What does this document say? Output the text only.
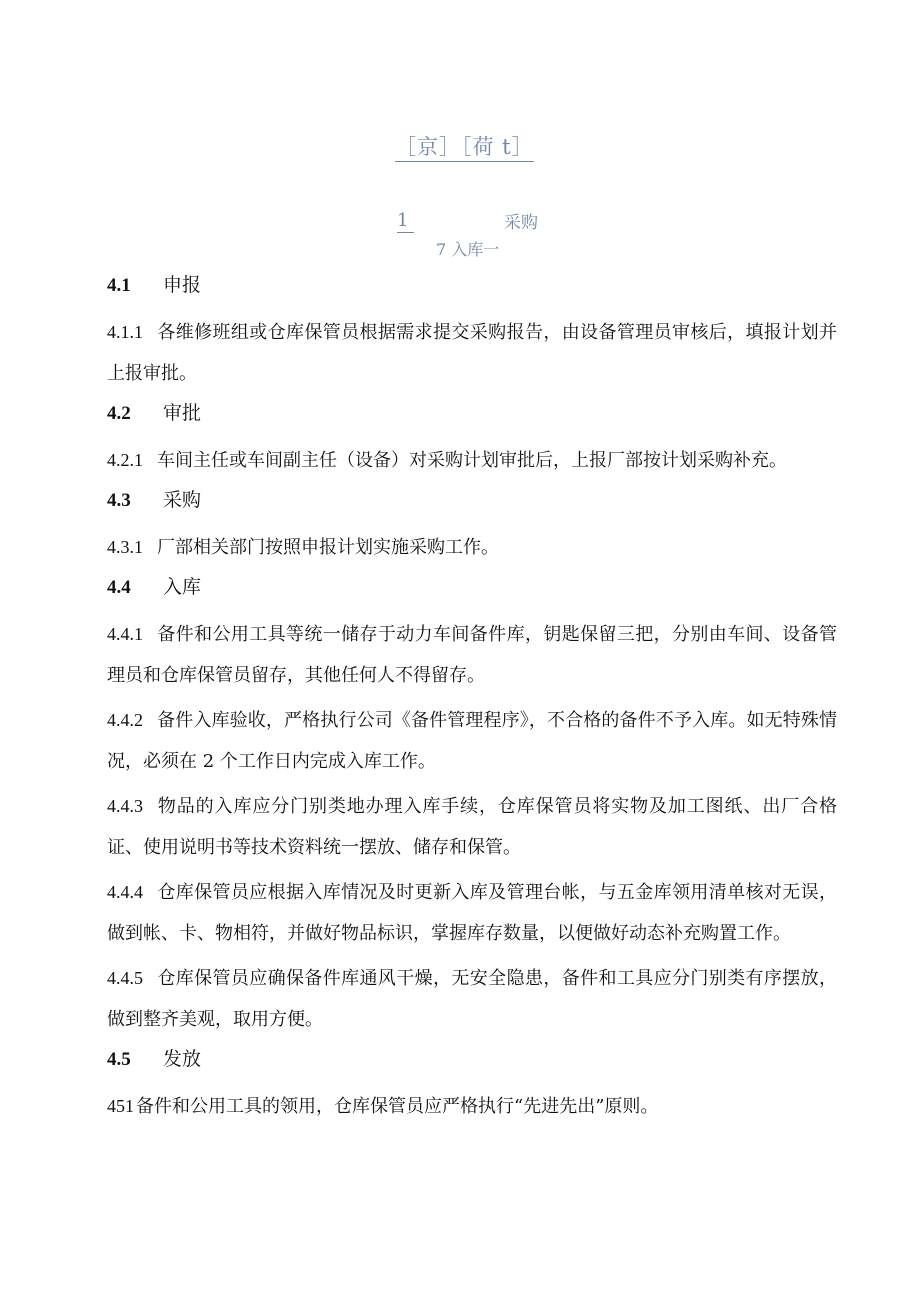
［京］［荷 t］
1	采购
7 入库一
4.1 申报
4.1.1 各维修班组或仓库保管员根据需求提交采购报告，由设备管理员审核后，填报计划并上报审批。
4.2 审批
4.2.1 车间主任或车间副主任（设备）对采购计划审批后，上报厂部按计划采购补充。
4.3 采购
4.3.1 厂部相关部门按照申报计划实施采购工作。
4.4 入库
4.4.1 备件和公用工具等统一储存于动力车间备件库，钥匙保留三把，分别由车间、设备管理员和仓库保管员留存，其他任何人不得留存。
4.4.2 备件入库验收，严格执行公司《备件管理程序》，不合格的备件不予入库。如无特殊情况，必须在 2 个工作日内完成入库工作。
4.4.3 物品的入库应分门别类地办理入库手续，仓库保管员将实物及加工图纸、出厂合格证、使用说明书等技术资料统一摆放、储存和保管。
4.4.4 仓库保管员应根据入库情况及时更新入库及管理台帐，与五金库领用清单核对无误，做到帐、卡、物相符，并做好物品标识，掌握库存数量，以便做好动态补充购置工作。
4.4.5 仓库保管员应确保备件库通风干燥，无安全隐患，备件和工具应分门别类有序摆放，做到整齐美观，取用方便。
4.5 发放
451 备件和公用工具的领用，仓库保管员应严格执行“先进先出”原则。
